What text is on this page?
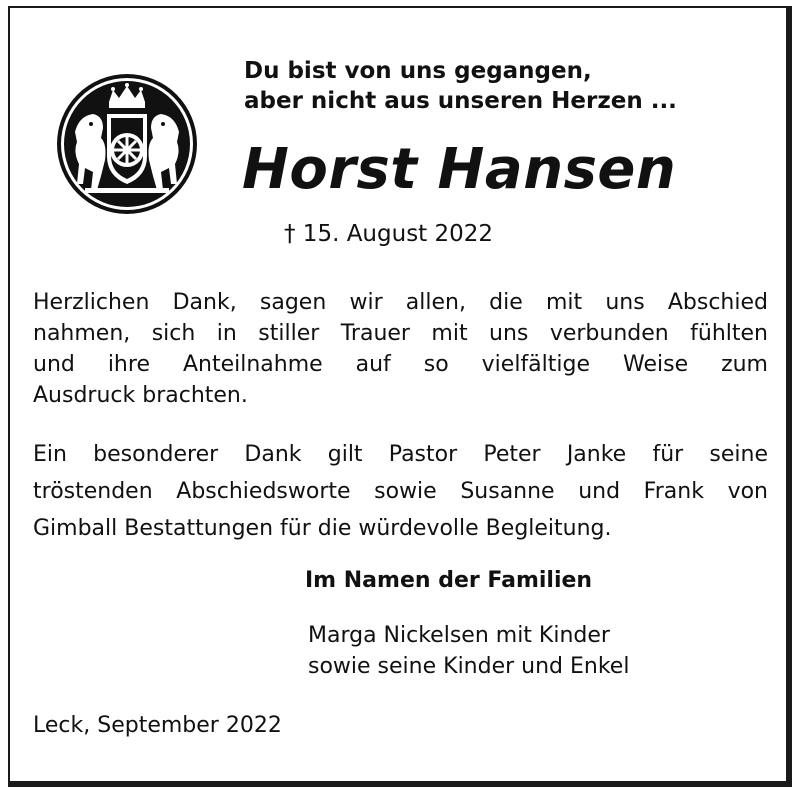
Du bist von uns gegangen,
aber nicht aus unseren Herzen ...
Horst Hansen
† 15. August 2022
Herzlichen Dank, sagen wir allen, die mit uns Abschied
nahmen, sich in stiller Trauer mit uns verbunden fühlten
und ihre Anteilnahme auf so vielfältige Weise zum
Ausdruck brachten.
Ein besonderer Dank gilt Pastor Peter Janke für seine
tröstenden Abschiedsworte sowie Susanne und Frank von
Gimball Bestattungen für die würdevolle Begleitung.
Im Namen der Familien
Marga Nickelsen mit Kinder
sowie seine Kinder und Enkel
Leck, September 2022
